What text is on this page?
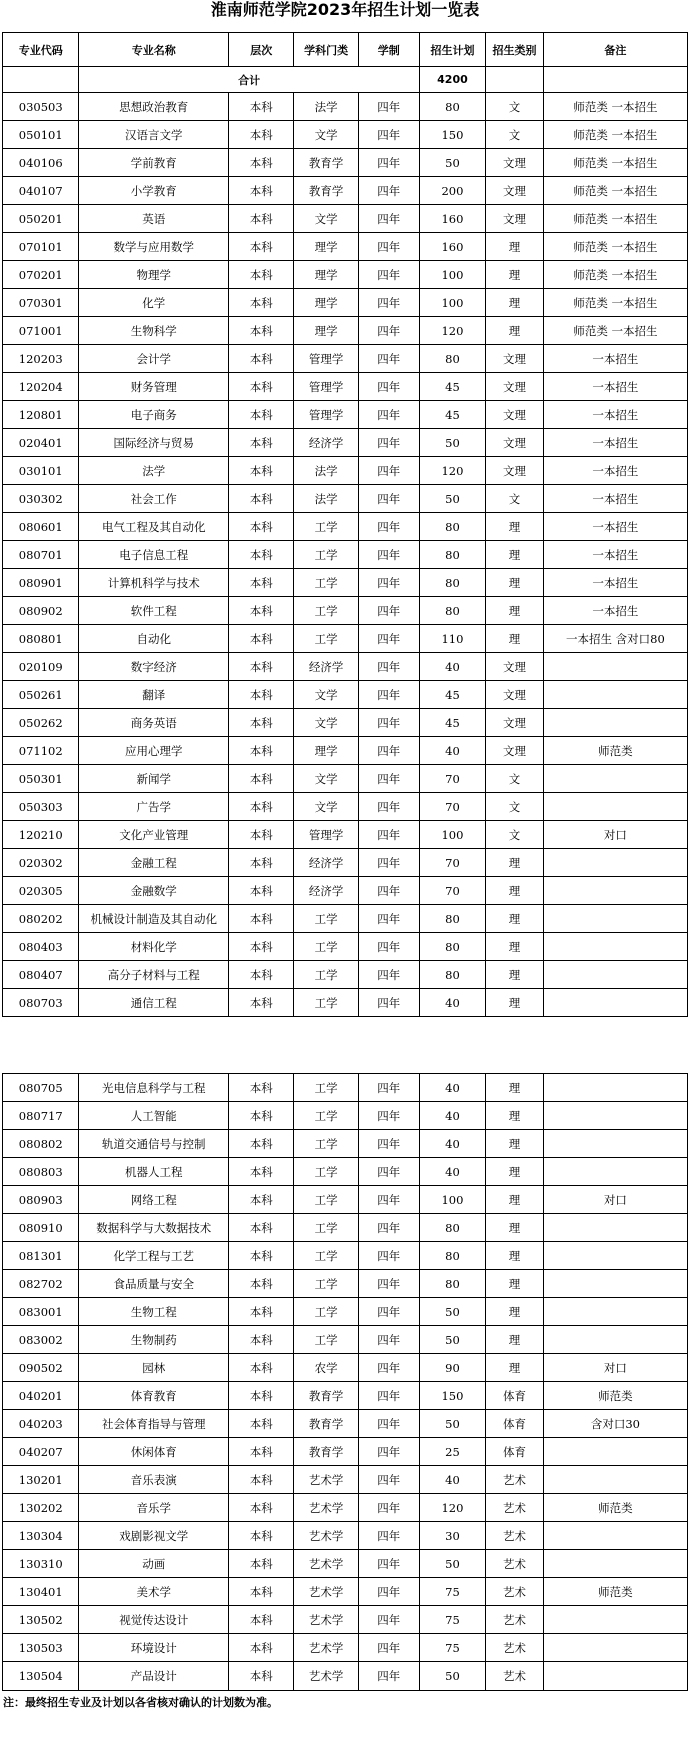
淮南师范学院2023年招生计划一览表
专业代码	专业名称	层次	学科门类	学制	招生计划	招生类别	备注
	合计				4200		
030503	思想政治教育	本科	法学	四年	80	文	师范类 一本招生
050101	汉语言文学	本科	文学	四年	150	文	师范类 一本招生
040106	学前教育	本科	教育学	四年	50	文理	师范类 一本招生
040107	小学教育	本科	教育学	四年	200	文理	师范类 一本招生
050201	英语	本科	文学	四年	160	文理	师范类 一本招生
070101	数学与应用数学	本科	理学	四年	160	理	师范类 一本招生
070201	物理学	本科	理学	四年	100	理	师范类 一本招生
070301	化学	本科	理学	四年	100	理	师范类 一本招生
071001	生物科学	本科	理学	四年	120	理	师范类 一本招生
120203	会计学	本科	管理学	四年	80	文理	一本招生
120204	财务管理	本科	管理学	四年	45	文理	一本招生
120801	电子商务	本科	管理学	四年	45	文理	一本招生
020401	国际经济与贸易	本科	经济学	四年	50	文理	一本招生
030101	法学	本科	法学	四年	120	文理	一本招生
030302	社会工作	本科	法学	四年	50	文	一本招生
080601	电气工程及其自动化	本科	工学	四年	80	理	一本招生
080701	电子信息工程	本科	工学	四年	80	理	一本招生
080901	计算机科学与技术	本科	工学	四年	80	理	一本招生
080902	软件工程	本科	工学	四年	80	理	一本招生
080801	自动化	本科	工学	四年	110	理	一本招生 含对口80
020109	数字经济	本科	经济学	四年	40	文理	
050261	翻译	本科	文学	四年	45	文理	
050262	商务英语	本科	文学	四年	45	文理	
071102	应用心理学	本科	理学	四年	40	文理	师范类
050301	新闻学	本科	文学	四年	70	文	
050303	广告学	本科	文学	四年	70	文	
120210	文化产业管理	本科	管理学	四年	100	文	对口
020302	金融工程	本科	经济学	四年	70	理	
020305	金融数学	本科	经济学	四年	70	理	
080202	机械设计制造及其自动化	本科	工学	四年	80	理	
080403	材料化学	本科	工学	四年	80	理	
080407	高分子材料与工程	本科	工学	四年	80	理	
080703	通信工程	本科	工学	四年	40	理	
080705	光电信息科学与工程	本科	工学	四年	40	理	
080717	人工智能	本科	工学	四年	40	理	
080802	轨道交通信号与控制	本科	工学	四年	40	理	
080803	机器人工程	本科	工学	四年	40	理	
080903	网络工程	本科	工学	四年	100	理	对口
080910	数据科学与大数据技术	本科	工学	四年	80	理	
081301	化学工程与工艺	本科	工学	四年	80	理	
082702	食品质量与安全	本科	工学	四年	80	理	
083001	生物工程	本科	工学	四年	50	理	
083002	生物制药	本科	工学	四年	50	理	
090502	园林	本科	农学	四年	90	理	对口
040201	体育教育	本科	教育学	四年	150	体育	师范类
040203	社会体育指导与管理	本科	教育学	四年	50	体育	含对口30
040207	休闲体育	本科	教育学	四年	25	体育	
130201	音乐表演	本科	艺术学	四年	40	艺术	
130202	音乐学	本科	艺术学	四年	120	艺术	师范类
130304	戏剧影视文学	本科	艺术学	四年	30	艺术	
130310	动画	本科	艺术学	四年	50	艺术	
130401	美术学	本科	艺术学	四年	75	艺术	师范类
130502	视觉传达设计	本科	艺术学	四年	75	艺术	
130503	环境设计	本科	艺术学	四年	75	艺术	
130504	产品设计	本科	艺术学	四年	50	艺术	
注：最终招生专业及计划以各省核对确认的计划数为准。
